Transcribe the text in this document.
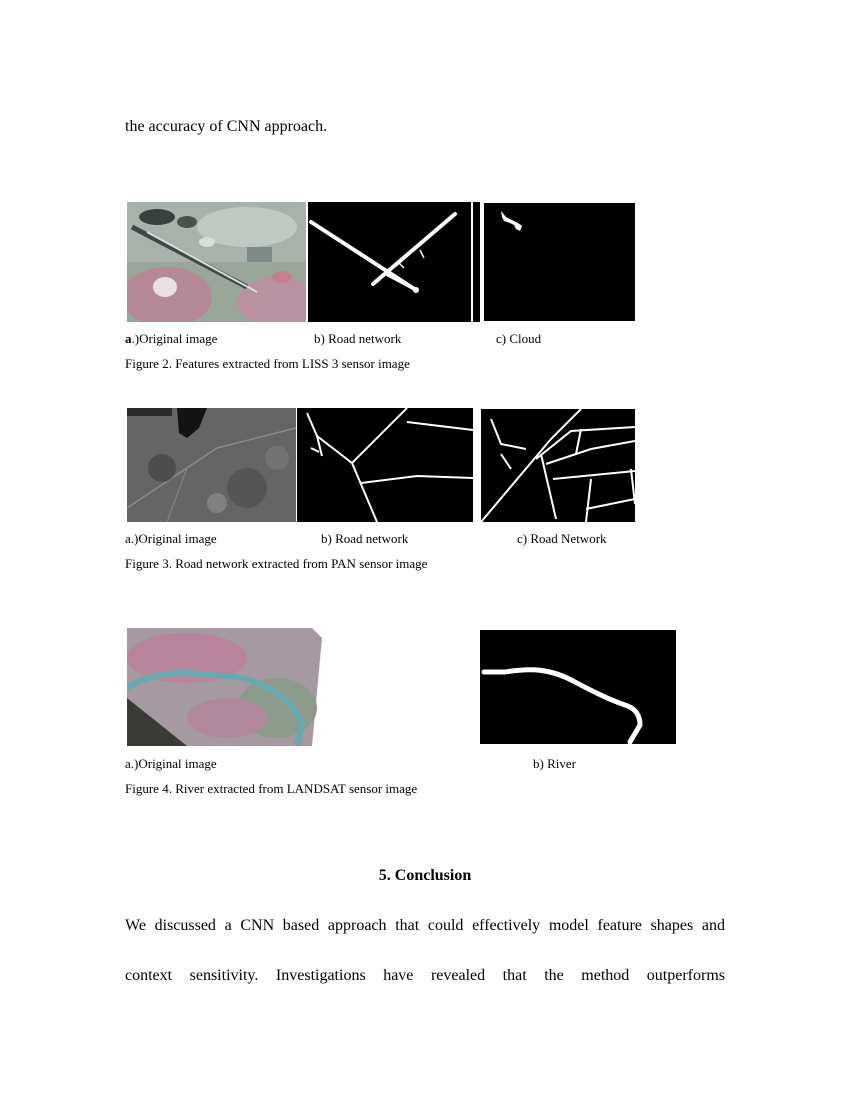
the accuracy of CNN approach.
a.)Original image	b) Road network	c) Cloud
Figure 2. Features extracted from LISS 3 sensor image
a.)Original image	b) Road network	c) Road Network
Figure 3. Road network extracted from PAN sensor image
a.)Original image	b) River
Figure 4. River extracted from LANDSAT sensor image
5. Conclusion
We discussed a CNN based approach that could effectively model feature shapes and
context sensitivity. Investigations have revealed that the method outperforms
